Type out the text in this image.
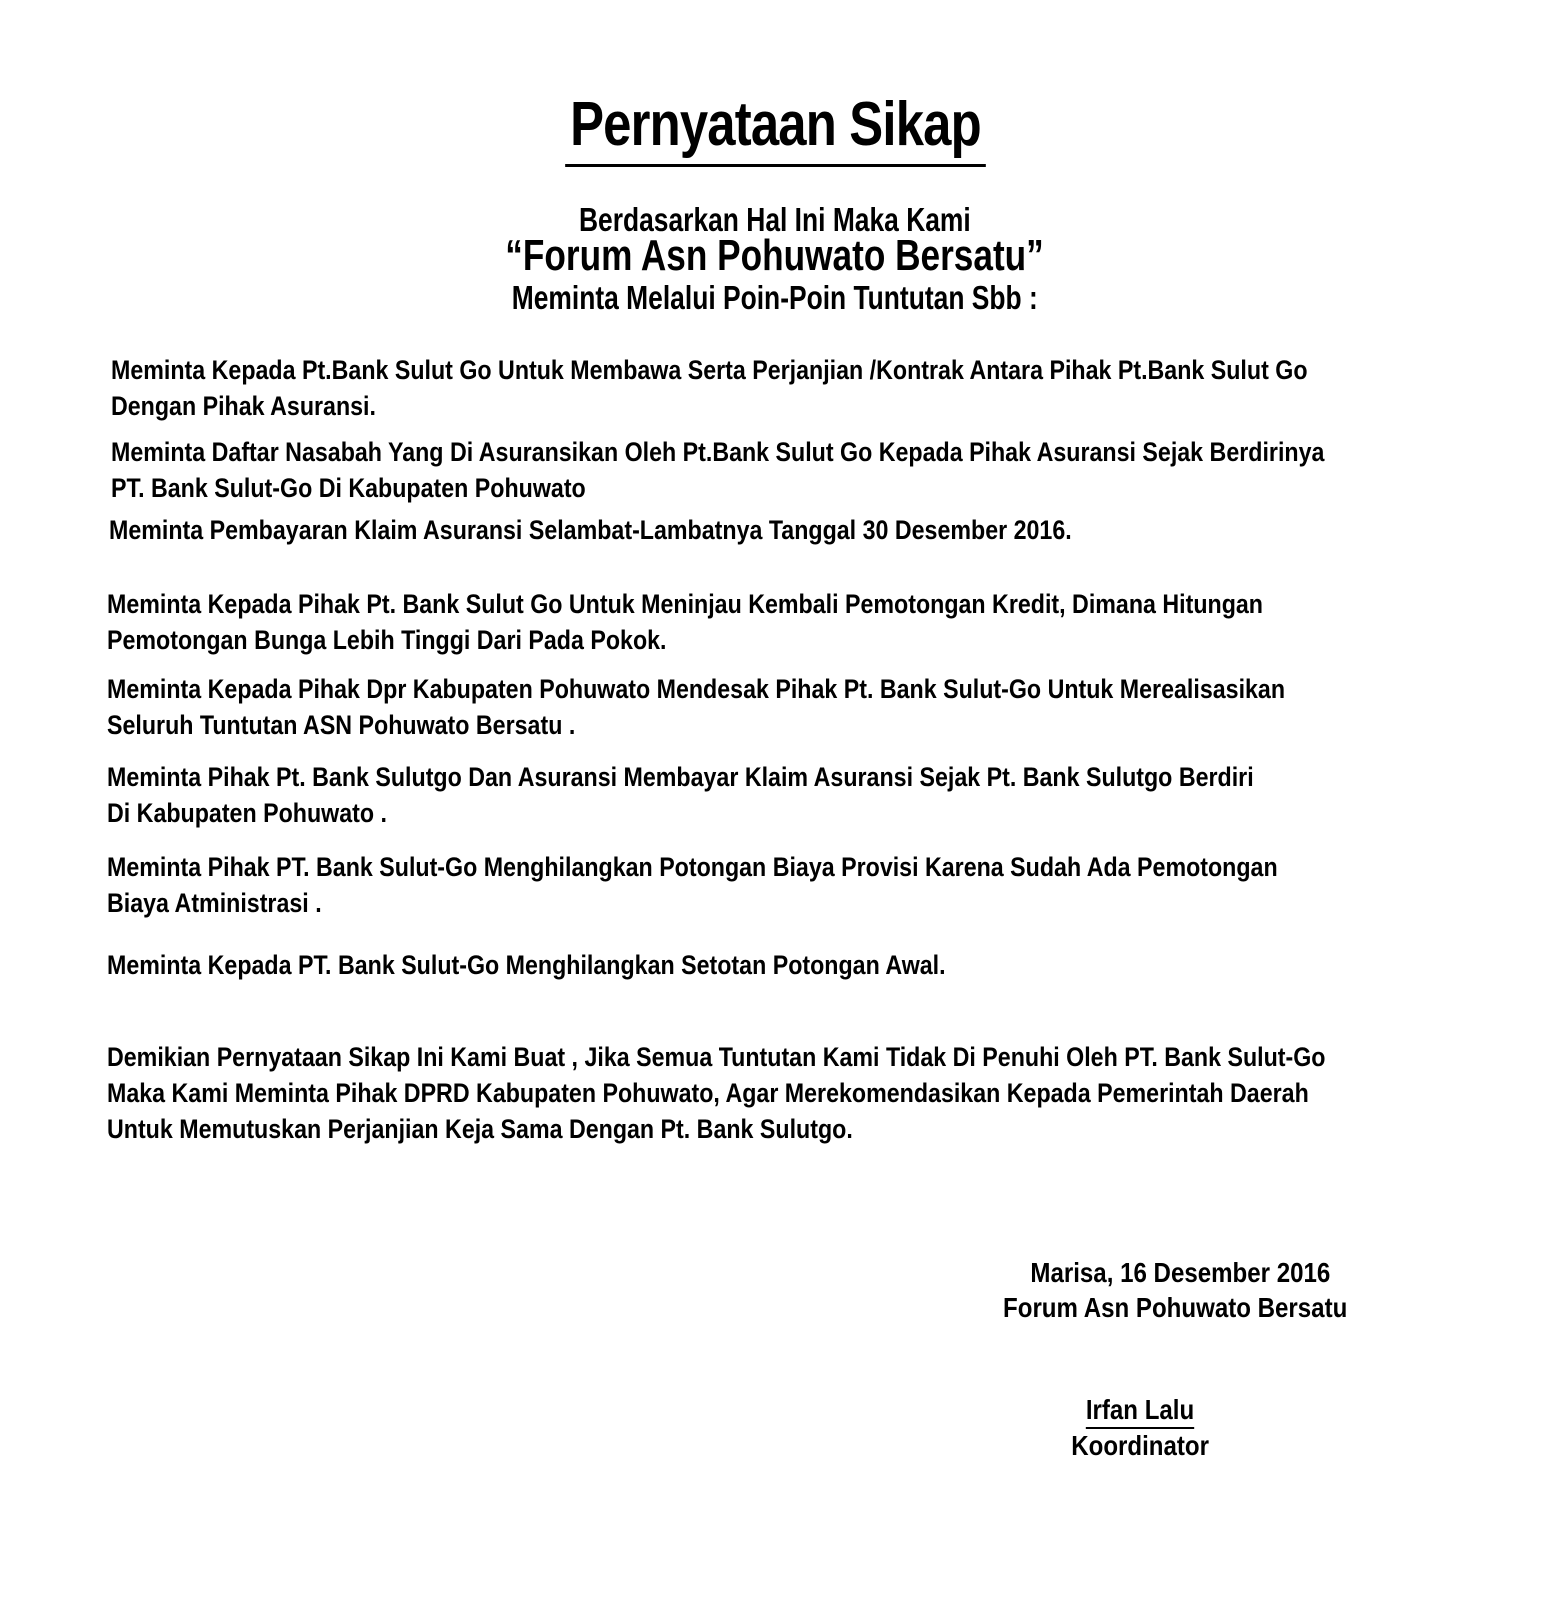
Pernyataan Sikap
Berdasarkan Hal Ini Maka Kami
“Forum Asn Pohuwato Bersatu”
Meminta Melalui Poin-Poin Tuntutan Sbb :
Meminta Kepada Pt.Bank Sulut Go Untuk Membawa Serta Perjanjian /Kontrak Antara Pihak Pt.Bank Sulut Go
Dengan Pihak Asuransi.
Meminta Daftar Nasabah Yang Di Asuransikan Oleh Pt.Bank Sulut Go Kepada Pihak Asuransi Sejak Berdirinya
PT. Bank Sulut-Go Di Kabupaten Pohuwato
Meminta Pembayaran Klaim Asuransi Selambat-Lambatnya Tanggal 30 Desember 2016.
Meminta Kepada Pihak Pt. Bank Sulut Go Untuk Meninjau Kembali Pemotongan Kredit, Dimana Hitungan
Pemotongan Bunga Lebih Tinggi Dari Pada Pokok.
Meminta Kepada Pihak Dpr Kabupaten Pohuwato Mendesak Pihak Pt. Bank Sulut-Go Untuk Merealisasikan
Seluruh Tuntutan ASN Pohuwato Bersatu .
Meminta Pihak Pt. Bank Sulutgo Dan Asuransi Membayar Klaim Asuransi Sejak Pt. Bank Sulutgo Berdiri
Di Kabupaten Pohuwato .
Meminta Pihak PT. Bank Sulut-Go Menghilangkan Potongan Biaya Provisi Karena Sudah Ada Pemotongan
Biaya Atministrasi .
Meminta Kepada PT. Bank Sulut-Go Menghilangkan Setotan Potongan Awal.
Demikian Pernyataan Sikap Ini Kami Buat , Jika Semua Tuntutan Kami Tidak Di Penuhi Oleh PT. Bank Sulut-Go
Maka Kami Meminta Pihak DPRD Kabupaten Pohuwato, Agar Merekomendasikan Kepada Pemerintah Daerah
Untuk Memutuskan Perjanjian Keja Sama Dengan Pt. Bank Sulutgo.
Marisa, 16 Desember 2016
Forum Asn Pohuwato Bersatu
Irfan Lalu
Koordinator
